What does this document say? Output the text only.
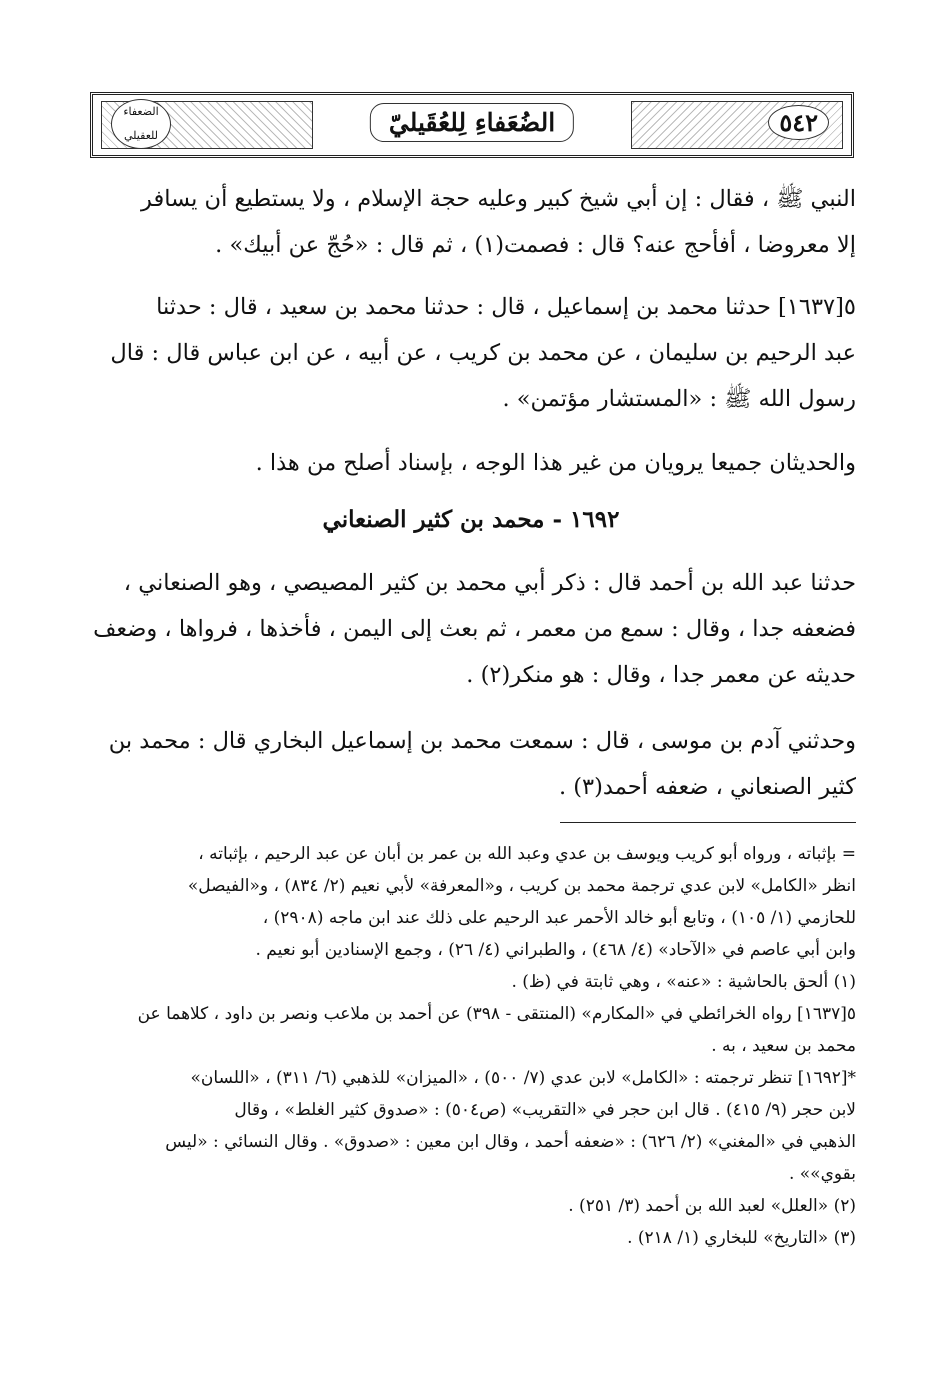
الضعفاء للعقيلي	الضُعَفاءِ لِلعُقَيليّ	٥٤٢
النبي ﷺ ، فقال : إن أبي شيخ كبير وعليه حجة الإسلام ، ولا يستطيع أن يسافر
إلا معروضا ، أفأحج عنه؟ قال : فصمت(١) ، ثم قال : «حُجّ عن أبيك» .
٥[١٦٣٧] حدثنا محمد بن إسماعيل ، قال : حدثنا محمد بن سعيد ، قال : حدثنا
عبد الرحيم بن سليمان ، عن محمد بن كريب ، عن أبيه ، عن ابن عباس قال : قال
رسول الله ﷺ : «المستشار مؤتمن» .
والحديثان جميعا يرويان من غير هذا الوجه ، بإسناد أصلح من هذا .
١٦٩٢ - محمد بن كثير الصنعاني
حدثنا عبد الله بن أحمد قال : ذكر أبي محمد بن كثير المصيصي ، وهو الصنعاني ،
فضعفه جدا ، وقال : سمع من معمر ، ثم بعث إلى اليمن ، فأخذها ، فرواها ، وضعف
حديثه عن معمر جدا ، وقال : هو منكر(٢) .
وحدثني آدم بن موسى ، قال : سمعت محمد بن إسماعيل البخاري قال : محمد بن
كثير الصنعاني ، ضعفه أحمد(٣) .
= بإثباته ، ورواه أبو كريب ويوسف بن عدي وعبد الله بن عمر بن أبان عن عبد الرحيم ، بإثباته ،
انظر «الكامل» لابن عدي ترجمة محمد بن كريب ، و«المعرفة» لأبي نعيم (٢/ ٨٣٤) ، و«الفيصل»
للحازمي (١/ ١٠٥) ، وتابع أبو خالد الأحمر عبد الرحيم على ذلك عند ابن ماجه (٢٩٠٨) ،
وابن أبي عاصم في «الآحاد» (٤/ ٤٦٨) ، والطبراني (٤/ ٢٦) ، وجمع الإسنادين أبو نعيم .
(١) ألحق بالحاشية : «عنه» ، وهي ثابتة في (ظ) .
٥[١٦٣٧] رواه الخرائطي في «المكارم» (المنتقى - ٣٩٨) عن أحمد بن ملاعب ونصر بن داود ، كلاهما عن
محمد بن سعيد ، به .
*[١٦٩٢] تنظر ترجمته : «الكامل» لابن عدي (٧/ ٥٠٠) ، «الميزان» للذهبي (٦/ ٣١١) ، «اللسان»
لابن حجر (٩/ ٤١٥) . قال ابن حجر في «التقريب» (ص٥٠٤) : «صدوق كثير الغلط» ، وقال
الذهبي في «المغني» (٢/ ٦٢٦) : «ضعفه أحمد ، وقال ابن معين : «صدوق» . وقال النسائي : «ليس
بقوي»» .
(٢) «العلل» لعبد الله بن أحمد (٣/ ٢٥١) .
(٣) «التاريخ» للبخاري (١/ ٢١٨) .
